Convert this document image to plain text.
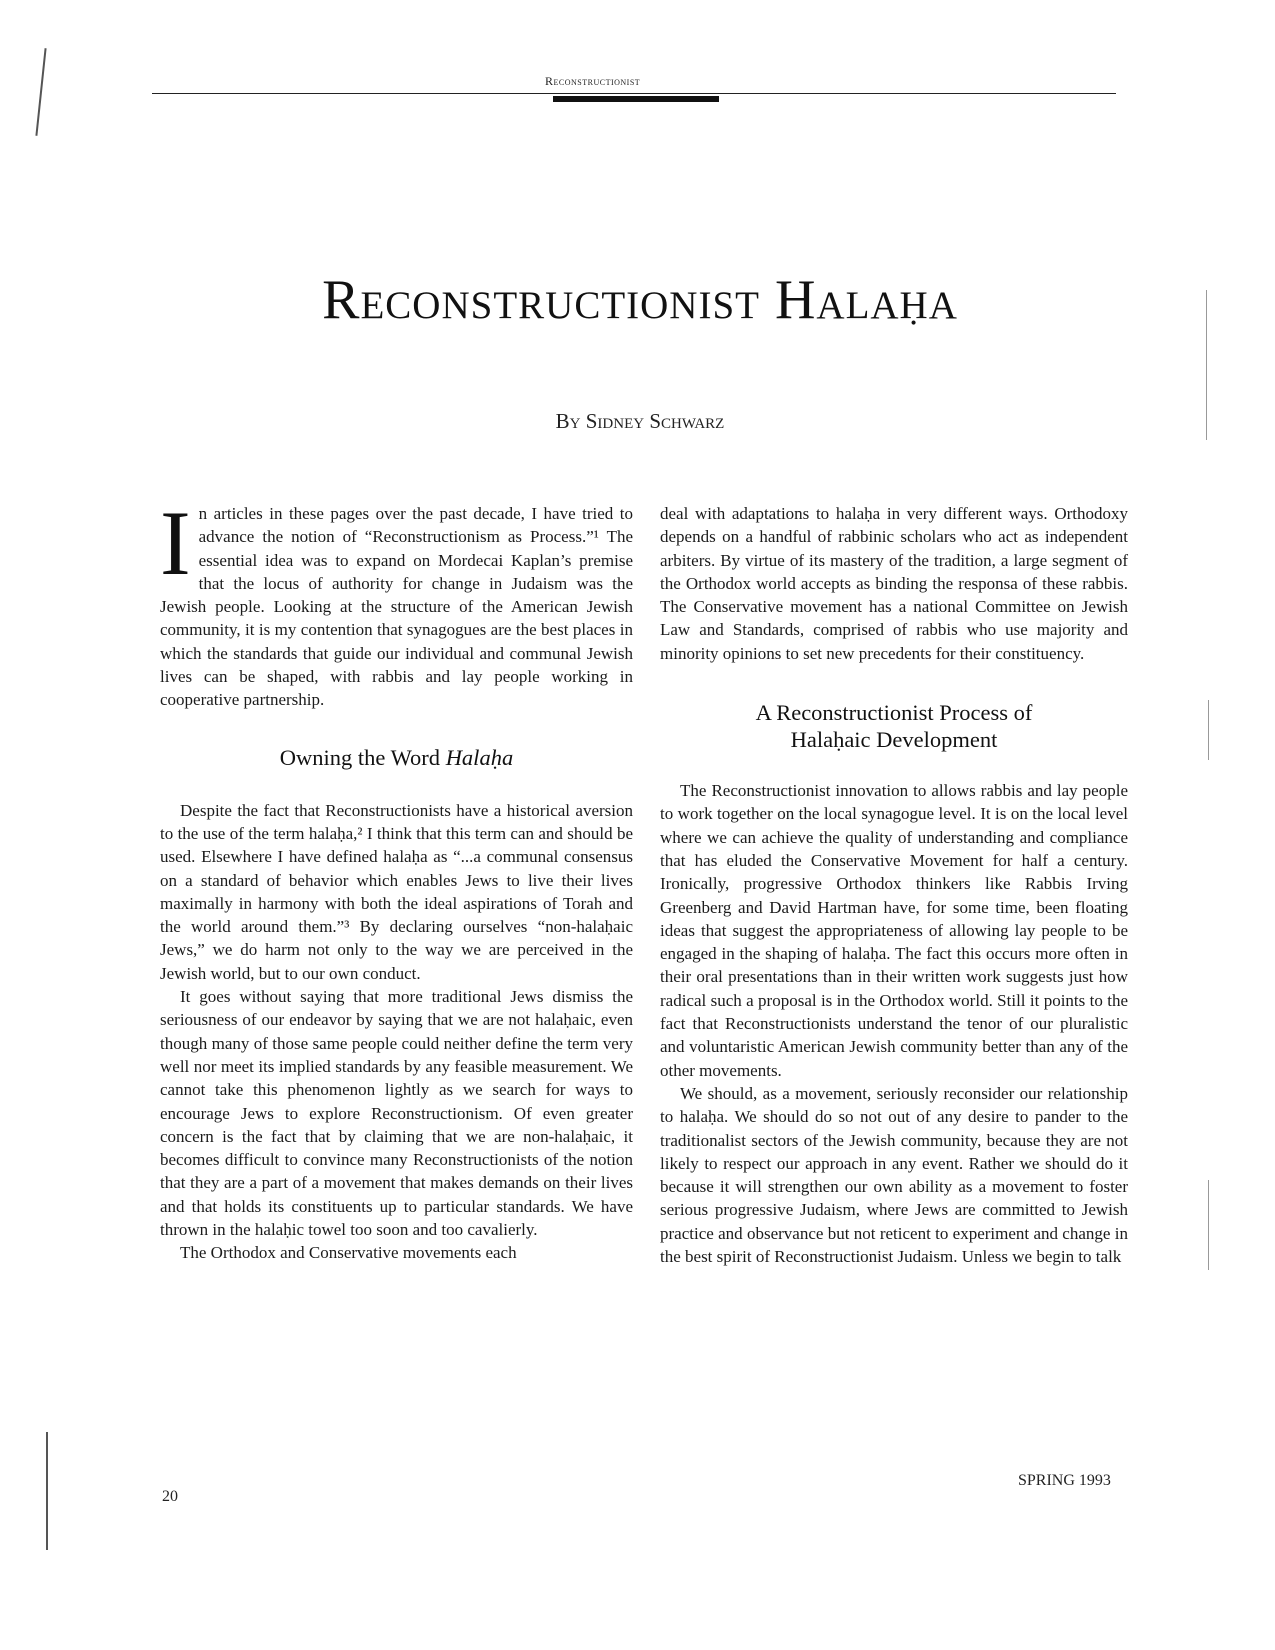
Reconstructionist
Reconstructionist Halaḥa
By Sidney Schwarz

In articles in these pages over the past decade, I have tried to advance the notion of “Reconstructionism as Process.”¹ The essential idea was to expand on Mordecai Kaplan’s premise that the locus of authority for change in Judaism was the Jewish people. Looking at the structure of the American Jewish community, it is my contention that synagogues are the best places in which the standards that guide our individual and communal Jewish lives can be shaped, with rabbis and lay people working in cooperative partnership.

Owning the Word Halaḥa

Despite the fact that Reconstructionists have a historical aversion to the use of the term halaḥa,² I think that this term can and should be used. Elsewhere I have defined halaḥa as “...a communal consensus on a standard of behavior which enables Jews to live their lives maximally in harmony with both the ideal aspirations of Torah and the world around them.”³ By declaring ourselves “non-halaḥaic Jews,” we do harm not only to the way we are perceived in the Jewish world, but to our own conduct.

It goes without saying that more traditional Jews dismiss the seriousness of our endeavor by saying that we are not halaḥaic, even though many of those same people could neither define the term very well nor meet its implied standards by any feasible measurement. We cannot take this phenomenon lightly as we search for ways to encourage Jews to explore Reconstructionism. Of even greater concern is the fact that by claiming that we are non-halaḥaic, it becomes difficult to convince many Reconstructionists of the notion that they are a part of a movement that makes demands on their lives and that holds its constituents up to particular standards. We have thrown in the halaḥic towel too soon and too cavalierly.

The Orthodox and Conservative movements each

deal with adaptations to halaḥa in very different ways. Orthodoxy depends on a handful of rabbinic scholars who act as independent arbiters. By virtue of its mastery of the tradition, a large segment of the Orthodox world accepts as binding the responsa of these rabbis. The Conservative movement has a national Committee on Jewish Law and Standards, comprised of rabbis who use majority and minority opinions to set new precedents for their constituency.

A Reconstructionist Process of
Halaḥaic Development

The Reconstructionist innovation to allows rabbis and lay people to work together on the local synagogue level. It is on the local level where we can achieve the quality of understanding and compliance that has eluded the Conservative Movement for half a century. Ironically, progressive Orthodox thinkers like Rabbis Irving Greenberg and David Hartman have, for some time, been floating ideas that suggest the appropriateness of allowing lay people to be engaged in the shaping of halaḥa. The fact this occurs more often in their oral presentations than in their written work suggests just how radical such a proposal is in the Orthodox world. Still it points to the fact that Reconstructionists understand the tenor of our pluralistic and voluntaristic American Jewish community better than any of the other movements.

We should, as a movement, seriously reconsider our relationship to halaḥa. We should do so not out of any desire to pander to the traditionalist sectors of the Jewish community, because they are not likely to respect our approach in any event. Rather we should do it because it will strengthen our own ability as a movement to foster serious progressive Judaism, where Jews are committed to Jewish practice and observance but not reticent to experiment and change in the best spirit of Reconstructionist Judaism. Unless we begin to talk

20
SPRING 1993
